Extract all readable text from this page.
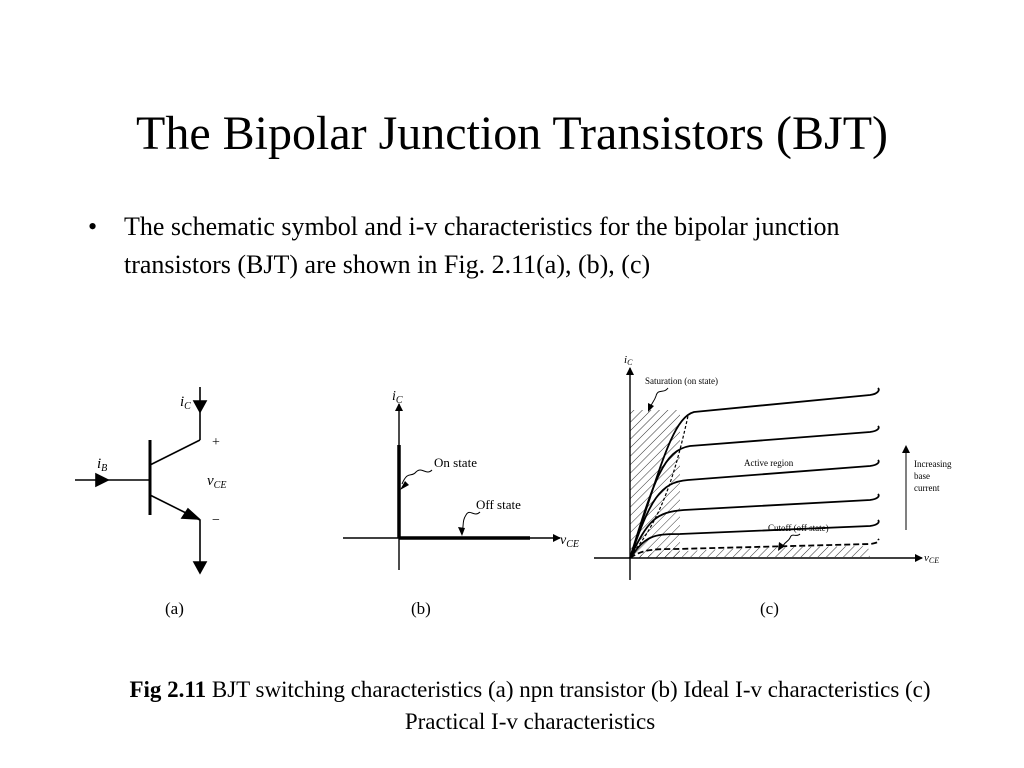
The Bipolar Junction Transistors (BJT)
• The schematic symbol and i-v characteristics for the bipolar junction transistors (BJT) are shown in Fig. 2.11(a), (b), (c)
$i_C$
$i_B$
$v_{CE}$
+
−
$i_C$
$v_{CE}$
On state
Off state
iC
vCE
Saturation (on state)
Active region
Cutoff (off state)
Increasing
base
current
(a)	(b)	(c)
Fig 2.11 BJT switching characteristics (a) npn transistor (b) Ideal I-v characteristics (c) Practical I-v characteristics
